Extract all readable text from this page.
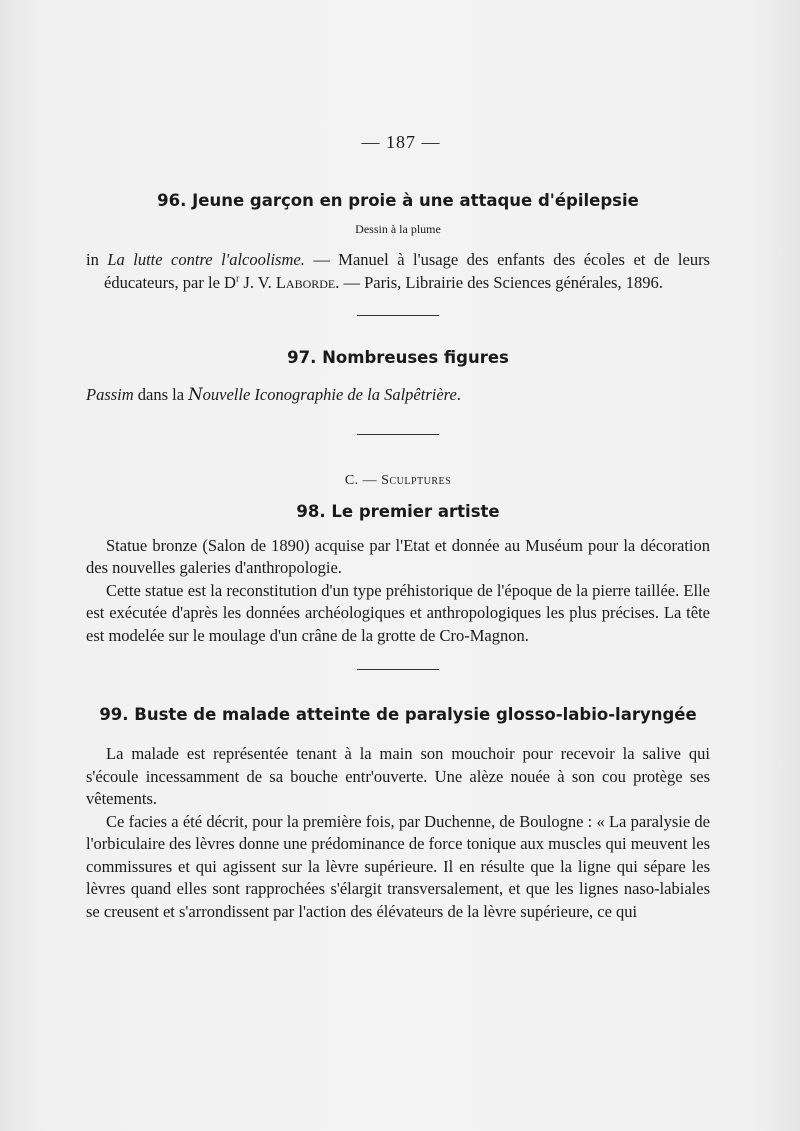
— 187 —
96. Jeune garçon en proie à une attaque d'épilepsie
Dessin à la plume

in La lutte contre l'alcoolisme. — Manuel à l'usage des enfants des écoles et de leurs éducateurs, par le $D^r$ J. V. Laborde. — Paris, Librairie des Sciences générales, 1896.

97. Nombreuses figures

Passim dans la Nouvelle Iconographie de la Salpêtrière.

C. — Sculptures
98. Le premier artiste

Statue bronze (Salon de 1890) acquise par l'Etat et donnée au Muséum pour la décoration des nouvelles galeries d'anthropologie.

Cette statue est la reconstitution d'un type préhistorique de l'époque de la pierre taillée. Elle est exécutée d'après les données archéologiques et anthropologiques les plus précises. La tête est modelée sur le moulage d'un crâne de la grotte de Cro-Magnon.

99. Buste de malade atteinte de paralysie glosso-labio-laryngée

La malade est représentée tenant à la main son mouchoir pour recevoir la salive qui s'écoule incessamment de sa bouche entr'ouverte. Une alèze nouée à son cou protège ses vêtements.

Ce facies a été décrit, pour la première fois, par Duchenne, de Boulogne : « La paralysie de l'orbiculaire des lèvres donne une prédominance de force tonique aux muscles qui meuvent les commissures et qui agissent sur la lèvre supérieure. Il en résulte que la ligne qui sépare les lèvres quand elles sont rapprochées s'élargit transversalement, et que les lignes naso-labiales se creusent et s'arrondissent par l'action des élévateurs de la lèvre supérieure, ce qui
